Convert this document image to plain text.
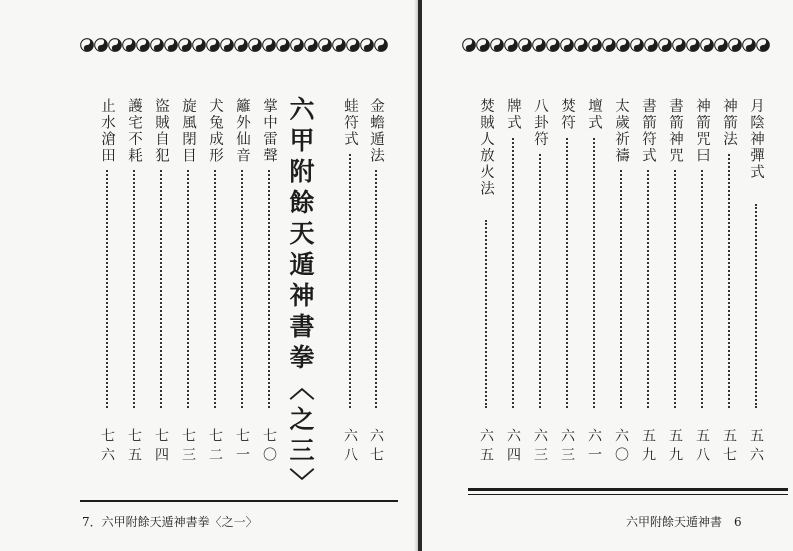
六甲附餘天遁神書拳〈之三〉	金蟾遁法
六七
蛙符式
六八
掌中雷聲
七〇
籬外仙音
七一
犬兔成形
七二
旋風閉目
七三
盜賊自犯
七四
護宅不耗
七五
止水滄田
七六
7．六甲附餘天遁神書拳〈之一〉
月陰神彈式
五六
神箭法
五七
神箭咒曰
五八
書箭神咒
五九
書箭符式
五九
太歲祈禱
六〇
壇式
六一
焚符
六三
八卦符
六三
牌式
六四
焚賊人放火法
六五
六甲附餘天遁神書　6
